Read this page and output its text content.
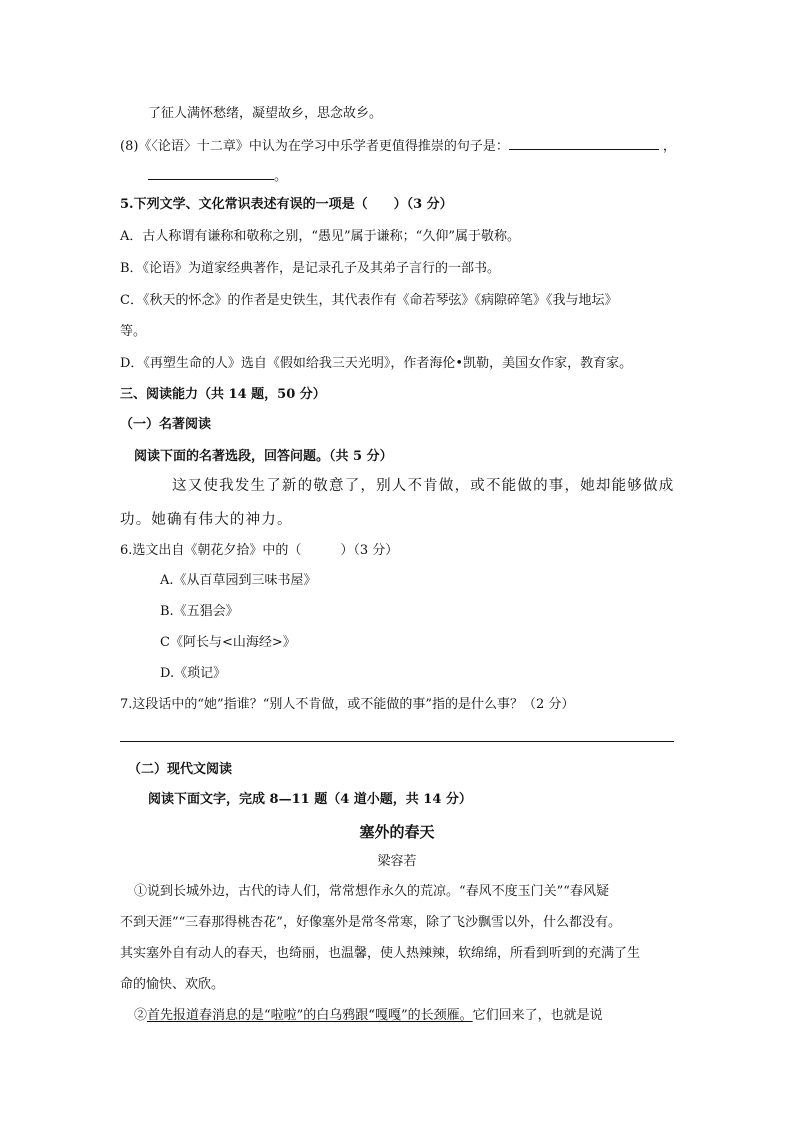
了征人满怀愁绪，凝望故乡，思念故乡。
(8)《〈论语〉十二章》中认为在学习中乐学者更值得推崇的句子是：	，
。
5.下列文学、文化常识表述有误的一项是（　　）（3 分）
A．古人称谓有谦称和敬称之别，“愚见”属于谦称；“久仰”属于敬称。
B．《论语》为道家经典著作，是记录孔子及其弟子言行的一部书。
C．《秋天的怀念》的作者是史铁生，其代表作有《命若琴弦》《病隙碎笔》《我与地坛》
等。
D．《再塑生命的人》选自《假如给我三天光明》，作者海伦•凯勒，美国女作家，教育家。
三、阅读能力（共 14 题，50 分）
（一）名著阅读
阅读下面的名著选段，回答问题。（共 5 分）
这又使我发生了新的敬意了，别人不肯做，或不能做的事，她却能够做成
功。她确有伟大的神力。
6.选文出自《朝花夕拾》中的（　　　）（3 分）
A.《从百草园到三味书屋》
B.《五猖会》
C《阿长与<山海经>》
D.《琐记》
7.这段话中的“她”指谁？“别人不肯做，或不能做的事”指的是什么事？（2 分）
（二）现代文阅读
阅读下面文字，完成 8—11 题（4 道小题，共 14 分）
塞外的春天
梁容若
①说到长城外边，古代的诗人们，常常想作永久的荒凉。“春风不度玉门关”“春风疑
不到天涯”“三春那得桃杏花”，好像塞外是常冬常寒，除了飞沙飘雪以外，什么都没有。
其实塞外自有动人的春天，也绮丽，也温馨，使人热辣辣，软绵绵，所看到听到的充满了生
命的愉快、欢欣。
②首先报道春消息的是“啦啦”的白乌鸦跟“嘎嘎”的长颈雁。它们回来了，也就是说
